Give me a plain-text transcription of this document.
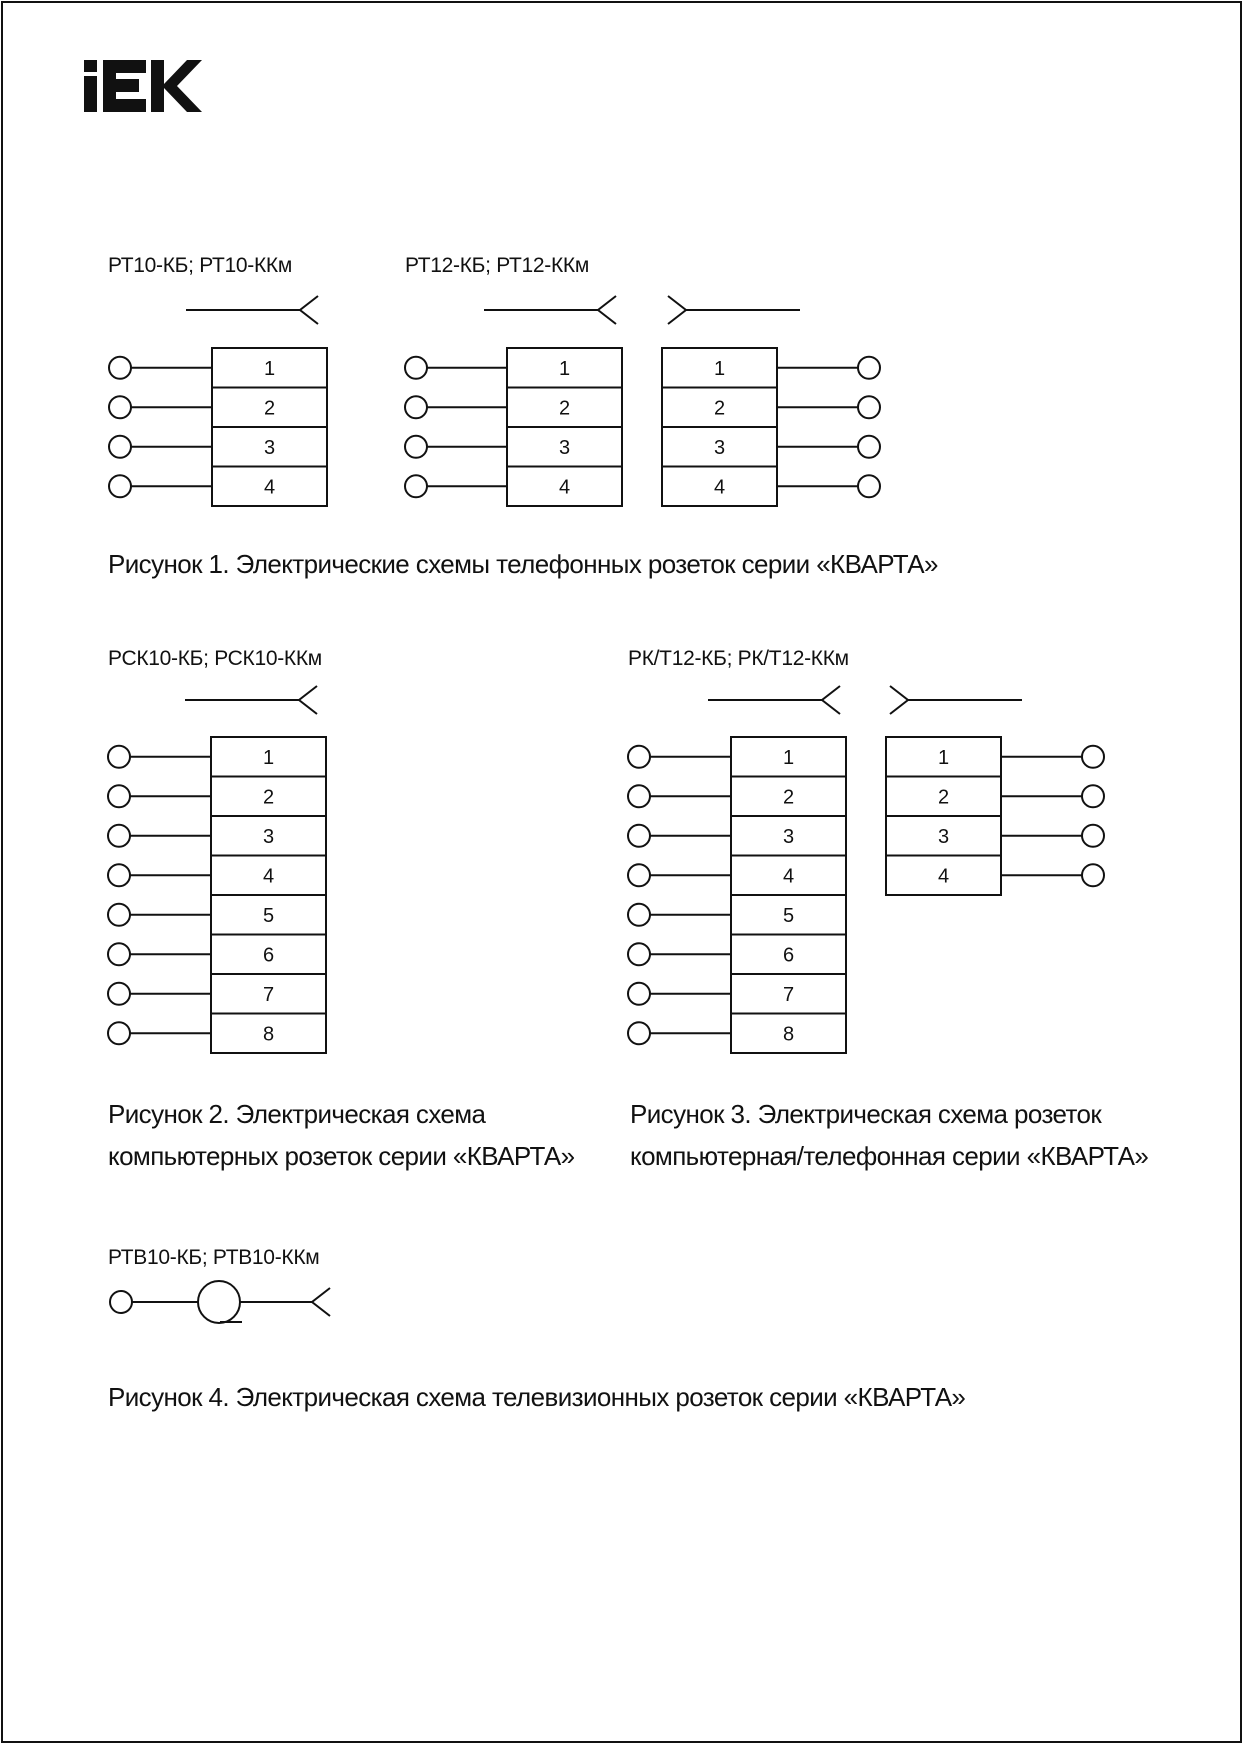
1
2
3
4
1
2
3
4
1
2
3
4
1
2
3
4
5
6
7
8
1
2
3
4
5
6
7
8
1
2
3
4
РТ10-КБ; РТ10-ККм	РТ12-КБ; РТ12-ККм
РСК10-КБ; РСК10-ККм	РК/Т12-КБ; РК/Т12-ККм
РТВ10-КБ; РТВ10-ККм
Рисунок 1. Электрические схемы телефонных розеток серии «КВАРТА»
Рисунок 2. Электрическая схема
компьютерных розеток серии «КВАРТА»
Рисунок 3. Электрическая схема розеток
компьютерная/телефонная серии «КВАРТА»
Рисунок 4. Электрическая схема телевизионных розеток серии «КВАРТА»
